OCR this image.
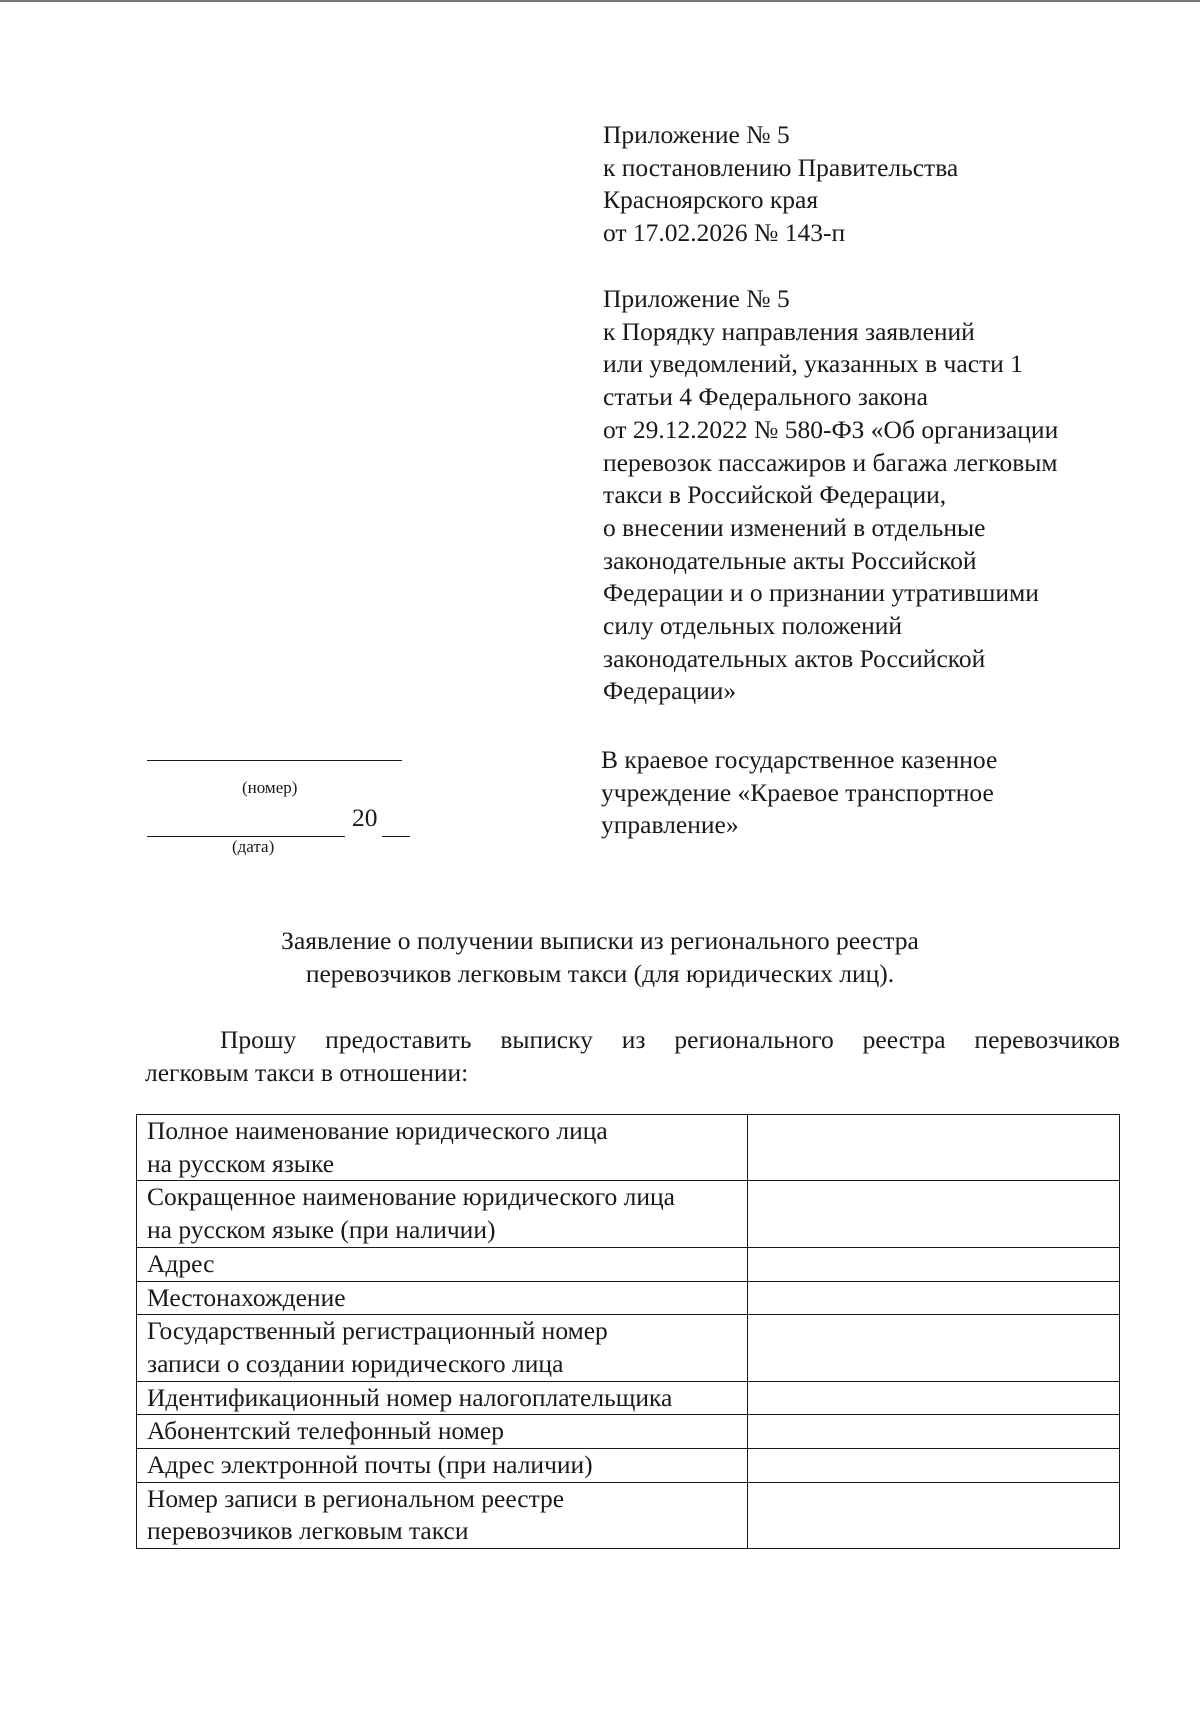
Приложение № 5
к постановлению Правительства
Красноярского края
от 17.02.2026 № 143-п
Приложение № 5
к Порядку направления заявлений
или уведомлений, указанных в части 1
статьи 4 Федерального закона
от 29.12.2022 № 580-ФЗ «Об организации
перевозок пассажиров и багажа легковым
такси в Российской Федерации,
о внесении изменений в отдельные
законодательные акты Российской
Федерации и о признании утратившими
силу отдельных положений
законодательных актов Российской
Федерации»
(номер)
20
(дата)
В краевое государственное казенное
учреждение «Краевое транспортное
управление»
Заявление о получении выписки из регионального реестра
перевозчиков легковым такси (для юридических лиц).
Прошу предоставить выписку из регионального реестра перевозчиков
легковым такси в отношении:
Полное наименование юридического лица
на русском языке	

Сокращенное наименование юридического лица
на русском языке (при наличии)	

Адрес	

Местонахождение	

Государственный регистрационный номер
записи о создании юридического лица	

Идентификационный номер налогоплательщика	

Абонентский телефонный номер	

Адрес электронной почты (при наличии)	

Номер записи в региональном реестре
перевозчиков легковым такси	
